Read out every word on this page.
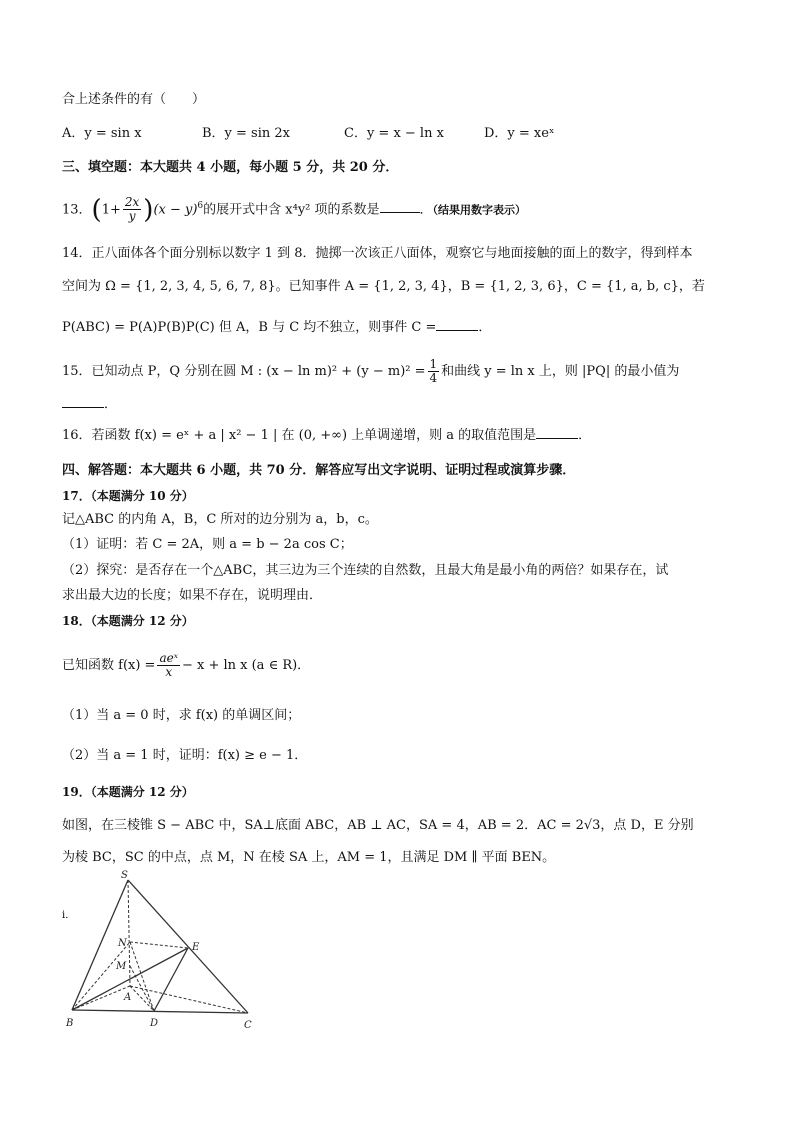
合上述条件的有（　　）
A．y = sin x	B．y = sin 2x	C．y = x − ln x	D．y = xeˣ
三、填空题：本大题共 4 小题，每小题 5 分，共 20 分．
13．$(1+ \frac{2x}{y} )(x - y)^6$的展开式中含 x⁴y² 项的系数是	．（结果用数字表示）
14．正八面体各个面分别标以数字 1 到 8．抛掷一次该正八面体，观察它与地面接触的面上的数字，得到样本
空间为 Ω = {1, 2, 3, 4, 5, 6, 7, 8}。已知事件 A = {1, 2, 3, 4}，B = {1, 2, 3, 6}，C = {1, a, b, c}，若
P(ABC) = P(A)P(B)P(C) 但 A，B 与 C 均不独立，则事件 C =	．
15．已知动点 P，Q 分别在圆 M : $(x - \ln m)^2 + (y - m)^2 = \frac{1}{4}$ 和曲线 y = ln x 上，则 |PQ| 的最小值为
．
16．若函数 f(x) = eˣ + a | x² − 1 | 在 (0, +∞) 上单调递增，则 a 的取值范围是	．
四、解答题：本大题共 6 小题，共 70 分．解答应写出文字说明、证明过程或演算步骤．
17．（本题满分 10 分）
记△ABC 的内角 A，B，C 所对的边分别为 a，b，c。
（1）证明：若 C = 2A，则 a = b − 2a cos C；
（2）探究：是否存在一个△ABC，其三边为三个连续的自然数，且最大角是最小角的两倍？如果存在，试
求出最大边的长度；如果不存在，说明理由．
18．（本题满分 12 分）
已知函数 $f(x) = \frac{\text{aeˣ}}{x} - x + \ln x$ (a ∈ R)．
（1）当 a = 0 时，求 f(x) 的单调区间；
（2）当 a = 1 时，证明：f(x) ≥ e − 1．
19．（本题满分 12 分）
如图，在三棱锥 S − ABC 中，SA⊥底面 ABC，AB ⊥ AC，SA = 4，AB = 2．AC = 2√3，点 D，E 分别
为棱 BC，SC 的中点，点 M，N 在棱 SA 上，AM = 1，且满足 DM ∥ 平面 BEN。
i．
S
N
M
A
E
B	D	C
